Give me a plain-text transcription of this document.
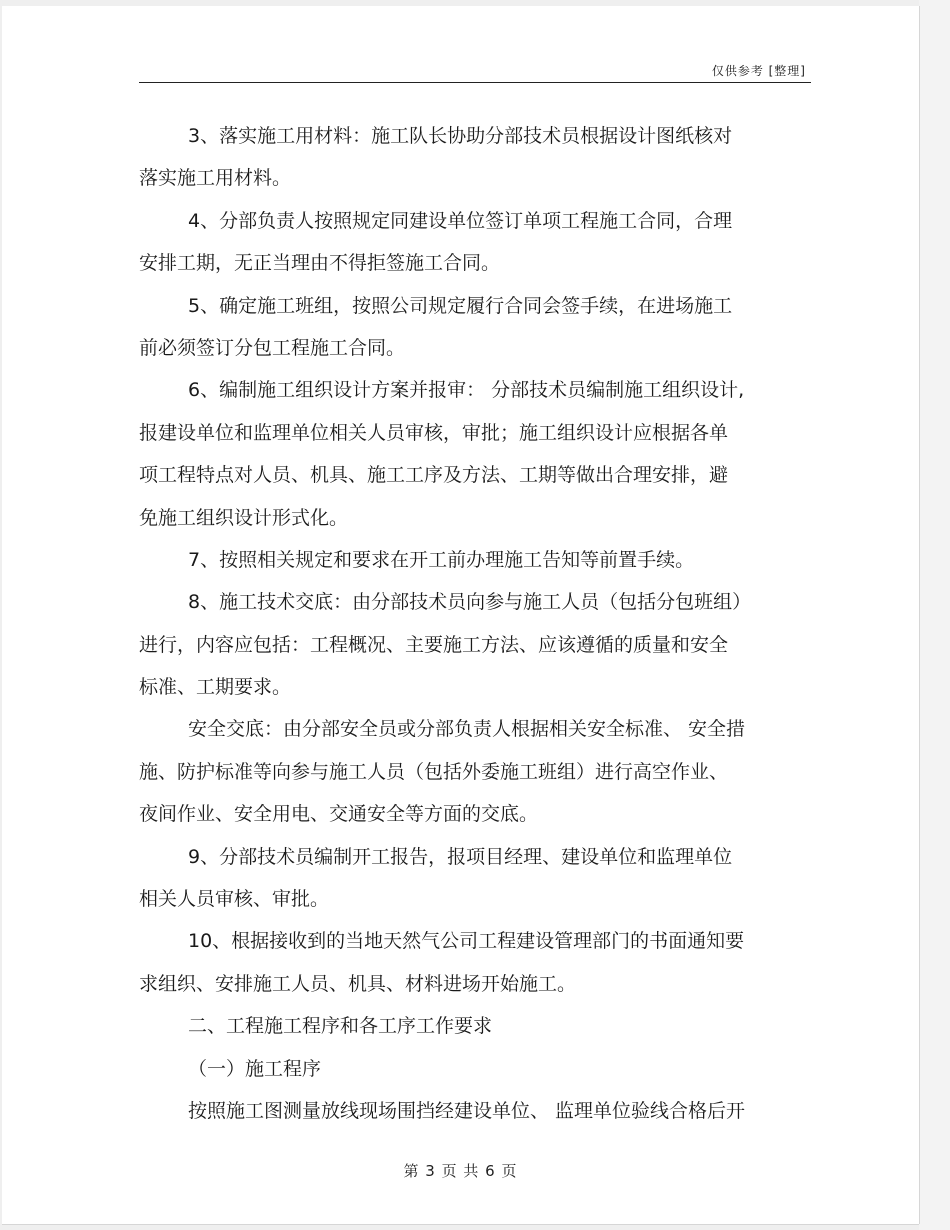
仅供参考 [整理]
3、落实施工用材料：施工队长协助分部技术员根据设计图纸核对
落实施工用材料。
4、分部负责人按照规定同建设单位签订单项工程施工合同，合理
安排工期，无正当理由不得拒签施工合同。
5、确定施工班组，按照公司规定履行合同会签手续，在进场施工
前必须签订分包工程施工合同。
6、编制施工组织设计方案并报审： 分部技术员编制施工组织设计,
报建设单位和监理单位相关人员审核，审批；施工组织设计应根据各单
项工程特点对人员、机具、施工工序及方法、工期等做出合理安排，避
免施工组织设计形式化。
7、按照相关规定和要求在开工前办理施工告知等前置手续。
8、施工技术交底：由分部技术员向参与施工人员（包括分包班组）
进行，内容应包括：工程概况、主要施工方法、应该遵循的质量和安全
标准、工期要求。
安全交底：由分部安全员或分部负责人根据相关安全标准、 安全措
施、防护标准等向参与施工人员（包括外委施工班组）进行高空作业、
夜间作业、安全用电、交通安全等方面的交底。
9、分部技术员编制开工报告，报项目经理、建设单位和监理单位
相关人员审核、审批。
10、根据接收到的当地天然气公司工程建设管理部门的书面通知要
求组织、安排施工人员、机具、材料进场开始施工。
二、工程施工程序和各工序工作要求
（一）施工程序
按照施工图测量放线现场围挡经建设单位、 监理单位验线合格后开
第 3 页 共 6 页
